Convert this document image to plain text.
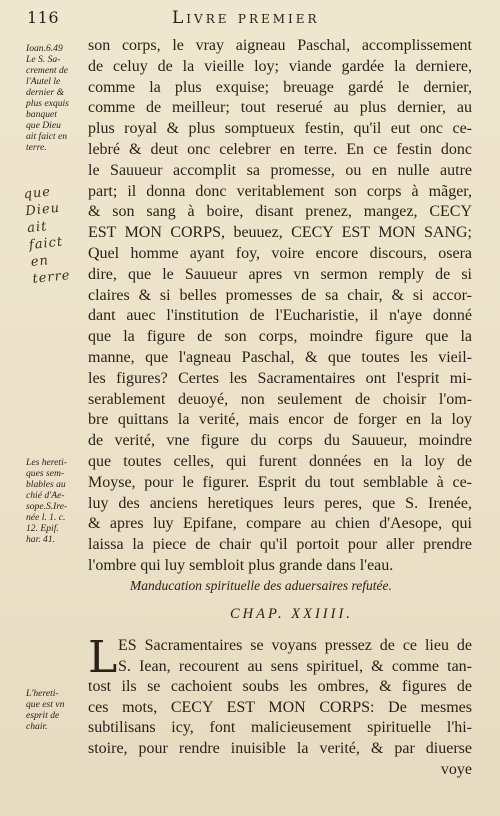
116	Livre premier
Ioan.6.49
Le S. Sa-
crement de
l'Autel le
dernier &
plus exquis
banquet
que Dieu
ait faict en
terre.
que
Dieu
ait
faict
en
terre
son corps, le vray aigneau Paschal, accomplissement
de celuy de la vieille loy; viande gardée la derniere,
comme la plus exquise; breuage gardé le dernier,
comme de meilleur; tout reserué au plus dernier, au
plus royal & plus somptueux festin, qu'il eut onc ce-
lebré & deut onc celebrer en terre. En ce festin donc
le Sauueur accomplit sa promesse, ou en nulle autre
part; il donna donc veritablement son corps à mãger,
& son sang à boire, disant prenez, mangez, CECY
EST MON CORPS, beuuez, CECY EST MON SANG;
Quel homme ayant foy, voire encore discours, osera
dire, que le Sauueur apres vn sermon remply de si
claires & si belles promesses de sa chair, & si accor-
dant auec l'institution de l'Eucharistie, il n'aye donné
que la figure de son corps, moindre figure que la
manne, que l'agneau Paschal, & que toutes les vieil-
les figures? Certes les Sacramentaires ont l'esprit mi-
serablement deuoyé, non seulement de choisir l'om-
bre quittans la verité, mais encor de forger en la loy
de verité, vne figure du corps du Sauueur, moindre
que toutes celles, qui furent données en la loy de
Moyse, pour le figurer. Esprit du tout semblable à ce-
luy des anciens heretiques leurs peres, que S. Irenée,
& apres luy Epifane, compare au chien d'Aesope, qui
laissa la piece de chair qu'il portoit pour aller prendre
l'ombre qui luy sembloit plus grande dans l'eau.
Les hereti-
ques sem-
blables au
chié d'Ae-
sope.S.Ire-
née l. 1. c.
12. Epif.
har. 41.
Manducation spirituelle des aduersaires refutée.
CHAP. XXIIII.
L ES Sacramentaires se voyans pressez de ce lieu de
S. Iean, recourent au sens spirituel, & comme tan-
tost ils se cachoient soubs les ombres, & figures de
ces mots, CECY EST MON CORPS: De mesmes
subtilisans icy, font malicieusement spirituelle l'hi-
stoire, pour rendre inuisible la verité, & par diuerse
voye
L'hereti-
que est vn
esprit de
chair.
